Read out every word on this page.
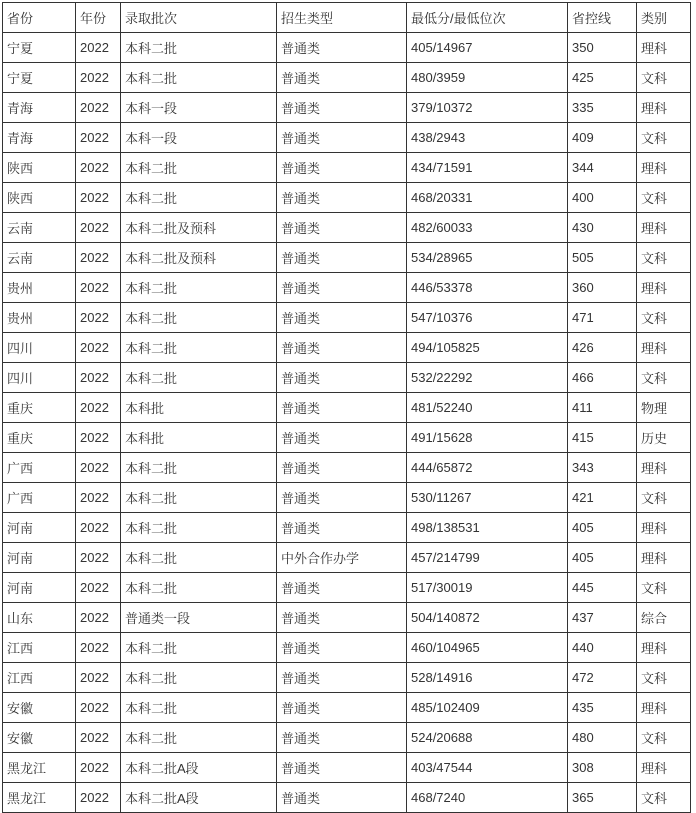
省份	年份	录取批次	招生类型	最低分/最低位次	省控线	类别
宁夏	2022	本科二批	普通类	405/14967	350	理科
宁夏	2022	本科二批	普通类	480/3959	425	文科
青海	2022	本科一段	普通类	379/10372	335	理科
青海	2022	本科一段	普通类	438/2943	409	文科
陕西	2022	本科二批	普通类	434/71591	344	理科
陕西	2022	本科二批	普通类	468/20331	400	文科
云南	2022	本科二批及预科	普通类	482/60033	430	理科
云南	2022	本科二批及预科	普通类	534/28965	505	文科
贵州	2022	本科二批	普通类	446/53378	360	理科
贵州	2022	本科二批	普通类	547/10376	471	文科
四川	2022	本科二批	普通类	494/105825	426	理科
四川	2022	本科二批	普通类	532/22292	466	文科
重庆	2022	本科批	普通类	481/52240	411	物理
重庆	2022	本科批	普通类	491/15628	415	历史
广西	2022	本科二批	普通类	444/65872	343	理科
广西	2022	本科二批	普通类	530/11267	421	文科
河南	2022	本科二批	普通类	498/138531	405	理科
河南	2022	本科二批	中外合作办学	457/214799	405	理科
河南	2022	本科二批	普通类	517/30019	445	文科
山东	2022	普通类一段	普通类	504/140872	437	综合
江西	2022	本科二批	普通类	460/104965	440	理科
江西	2022	本科二批	普通类	528/14916	472	文科
安徽	2022	本科二批	普通类	485/102409	435	理科
安徽	2022	本科二批	普通类	524/20688	480	文科
黑龙江	2022	本科二批A段	普通类	403/47544	308	理科
黑龙江	2022	本科二批A段	普通类	468/7240	365	文科
